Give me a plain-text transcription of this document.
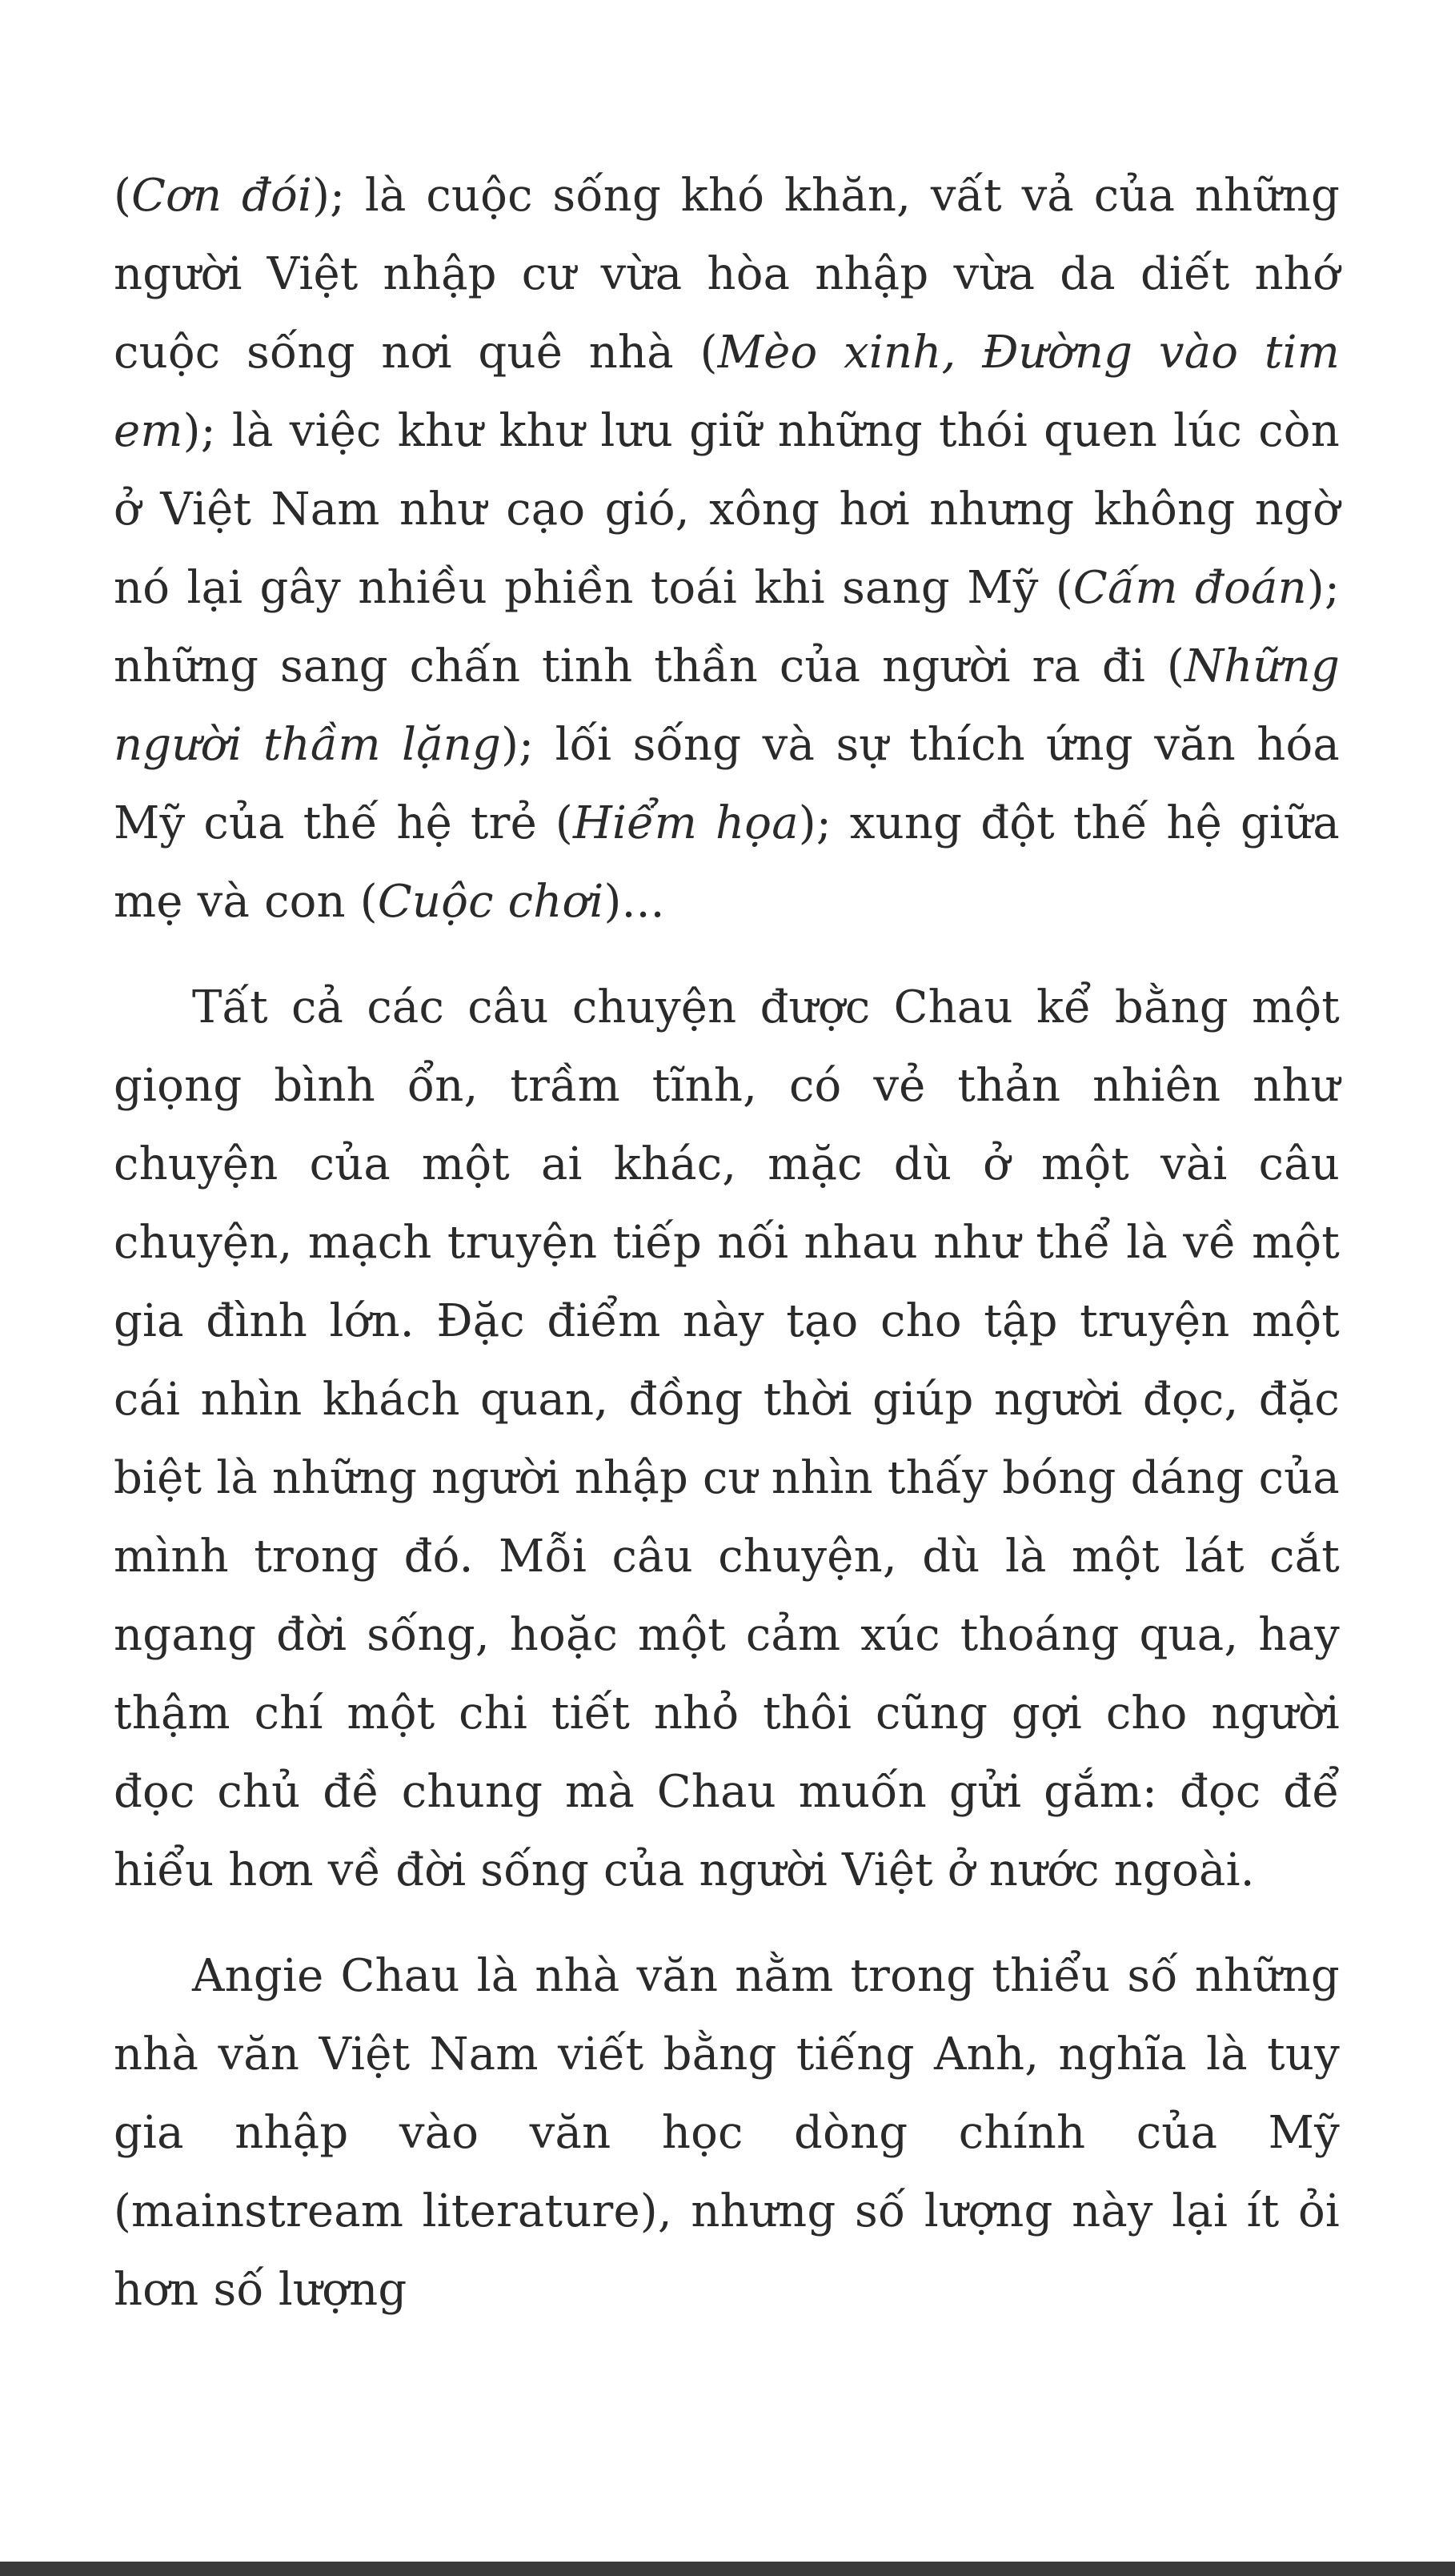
(Cơn đói); là cuộc sống khó khăn, vất vả của những người Việt nhập cư vừa hòa nhập vừa da diết nhớ cuộc sống nơi quê nhà (Mèo xinh, Đường vào tim em); là việc khư khư lưu giữ những thói quen lúc còn ở Việt Nam như cạo gió, xông hơi nhưng không ngờ nó lại gây nhiều phiền toái khi sang Mỹ (Cấm đoán); những sang chấn tinh thần của người ra đi (Những người thầm lặng); lối sống và sự thích ứng văn hóa Mỹ của thế hệ trẻ (Hiểm họa); xung đột thế hệ giữa mẹ và con (Cuộc chơi)...

Tất cả các câu chuyện được Chau kể bằng một giọng bình ổn, trầm tĩnh, có vẻ thản nhiên như chuyện của một ai khác, mặc dù ở một vài câu chuyện, mạch truyện tiếp nối nhau như thể là về một gia đình lớn. Đặc điểm này tạo cho tập truyện một cái nhìn khách quan, đồng thời giúp người đọc, đặc biệt là những người nhập cư nhìn thấy bóng dáng của mình trong đó. Mỗi câu chuyện, dù là một lát cắt ngang đời sống, hoặc một cảm xúc thoáng qua, hay thậm chí một chi tiết nhỏ thôi cũng gợi cho người đọc chủ đề chung mà Chau muốn gửi gắm: đọc để hiểu hơn về đời sống của người Việt ở nước ngoài.

Angie Chau là nhà văn nằm trong thiểu số những nhà văn Việt Nam viết bằng tiếng Anh, nghĩa là tuy gia nhập vào văn học dòng chính của Mỹ (mainstream literature), nhưng số lượng này lại ít ỏi hơn số lượng
